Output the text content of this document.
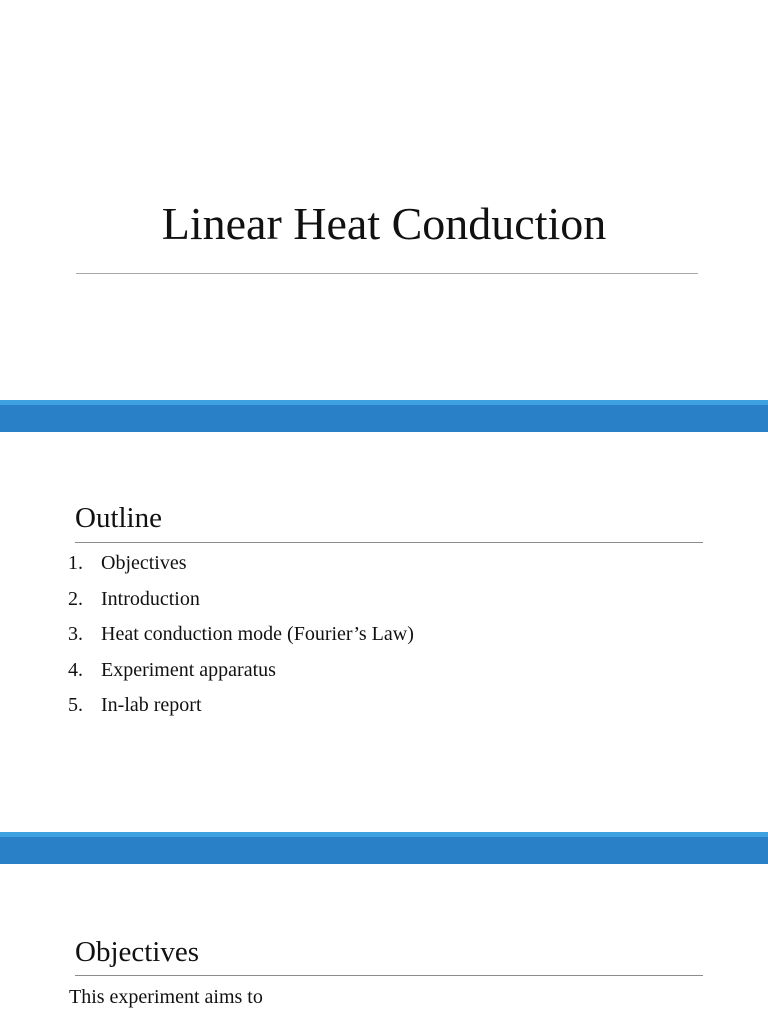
Linear Heat Conduction
Outline
1. Objectives
2. Introduction
3. Heat conduction mode (Fourier’s Law)
4. Experiment apparatus
5. In-lab report
Objectives
This experiment aims to
